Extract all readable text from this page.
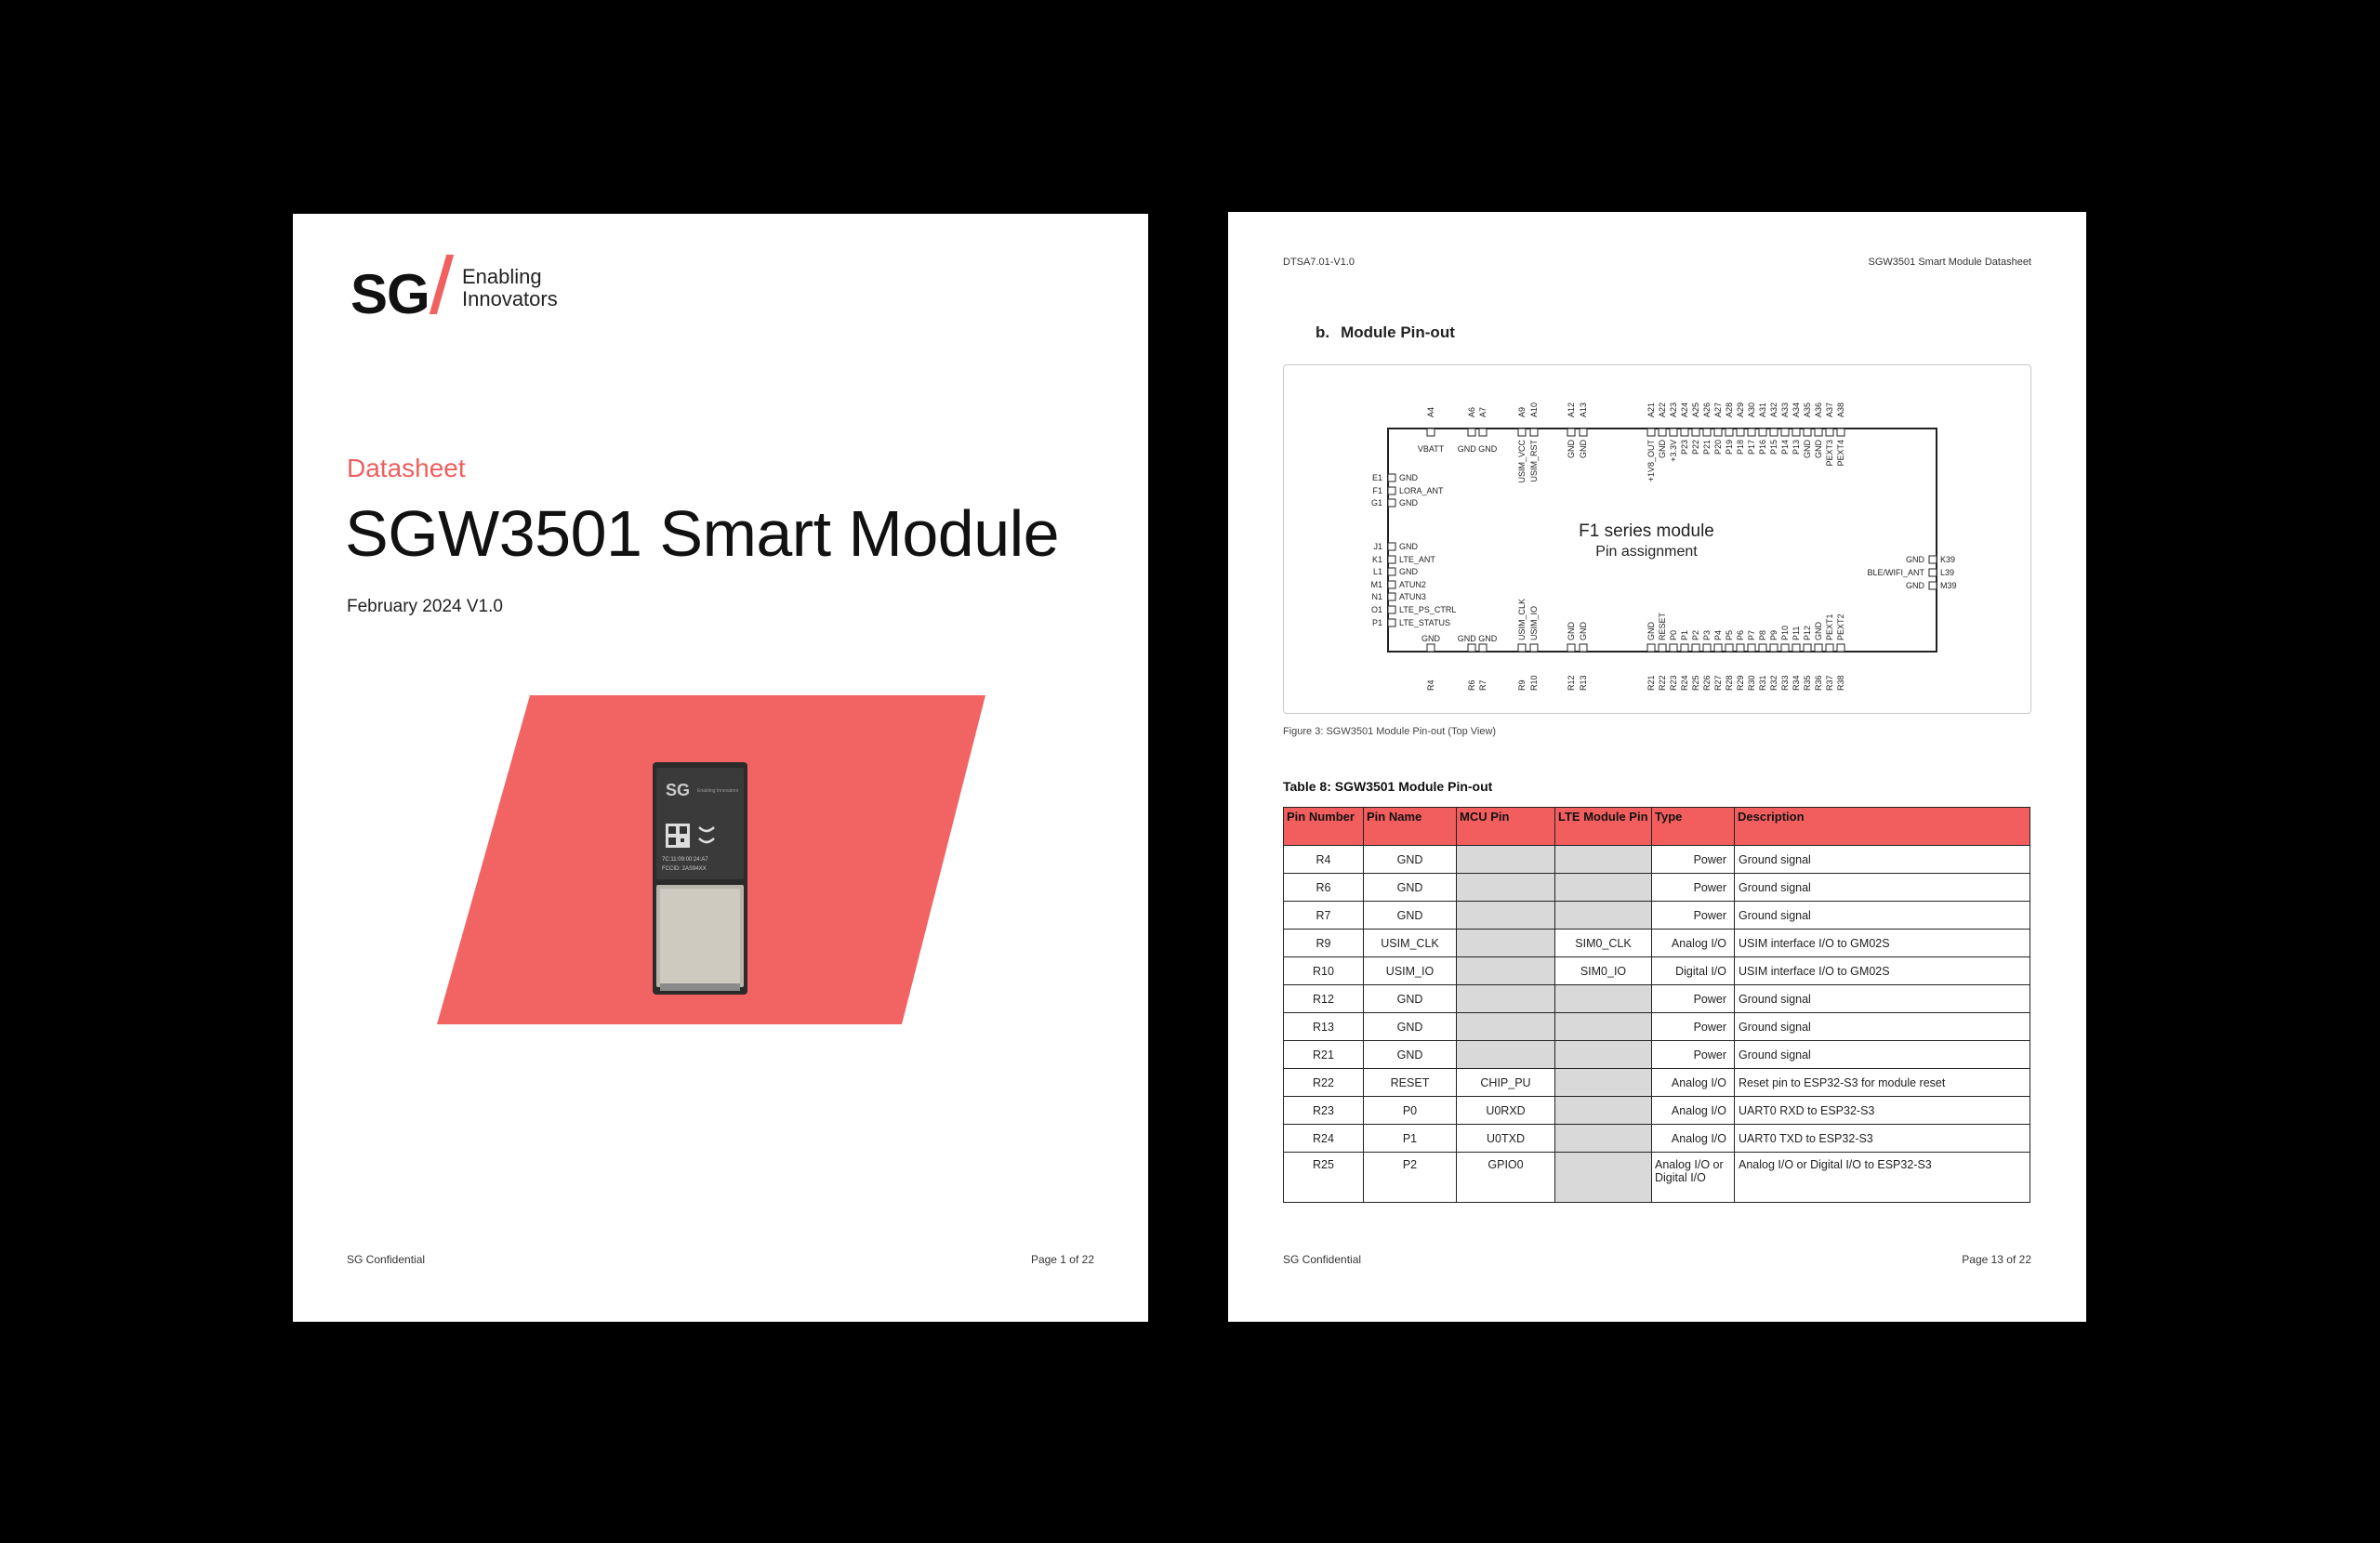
SG Enabling
Innovators
Datasheet
SGW3501 Smart Module
February 2024 V1.0
SG Enabling Innovators
7C:11:09:00:24:A7
FCCID: 2AS94XX
SG Confidential	Page 1 of 22
DTSA7.01-V1.0	SGW3501 Smart Module Datasheet
b. Module Pin-out
F1 series module
Pin assignment
A4
R4
A6
R6
A7
R7
A9
R9
A10
R10
A12
R12
A13
R13
A21
R21
A22
R22
A23
R23
A24
R24
A25
R25
A26
R26
A27
R27
A28
R28
A29
R29
A30
R30
A31
R31
A32
R32
A33
R33
A34
R34
A35
R35
A36
R36
A37
R37
A38
R38
VBATT GND GND USIM_VCC USIM_RST	GND GND	+1V8_OUT GND +3.3V P23 P22 P21 P20 P19 P18 P17 P16 P15 P14 P13 GND GND PEXT3 PEXT4
GND GND GND USIM_CLK USIM_IO	GND GND	GND RESET P0 P1 P2 P3 P4 P5 P6 P7 P8 P9 P10 P11 P12 GND PEXT1 PEXT2
E1 GND
F1 LORA_ANT
G1 GND
J1 GND
K1 LTE_ANT
L1 GND
M1 ATUN2
N1 ATUN3
O1 LTE_PS_CTRL
P1 LTE_STATUS
K39
GND
L39
BLE/WIFI_ANT
M39
GND
Figure 3: SGW3501 Module Pin-out (Top View)
Table 8: SGW3501 Module Pin-out
Pin Number	Pin Name	MCU Pin	LTE Module Pin	Type	Description
R4	GND			Power	Ground signal
R6	GND			Power	Ground signal
R7	GND			Power	Ground signal
R9	USIM_CLK		SIM0_CLK	Analog I/O	USIM interface I/O to GM02S
R10	USIM_IO		SIM0_IO	Digital I/O	USIM interface I/O to GM02S
R12	GND			Power	Ground signal
R13	GND			Power	Ground signal
R21	GND			Power	Ground signal
R22	RESET	CHIP_PU		Analog I/O	Reset pin to ESP32-S3 for module reset
R23	P0	U0RXD		Analog I/O	UART0 RXD to ESP32-S3
R24	P1	U0TXD		Analog I/O	UART0 TXD to ESP32-S3
R25	P2	GPIO0		Analog I/O or Digital I/O	Analog I/O or Digital I/O to ESP32-S3
SG Confidential	Page 13 of 22
